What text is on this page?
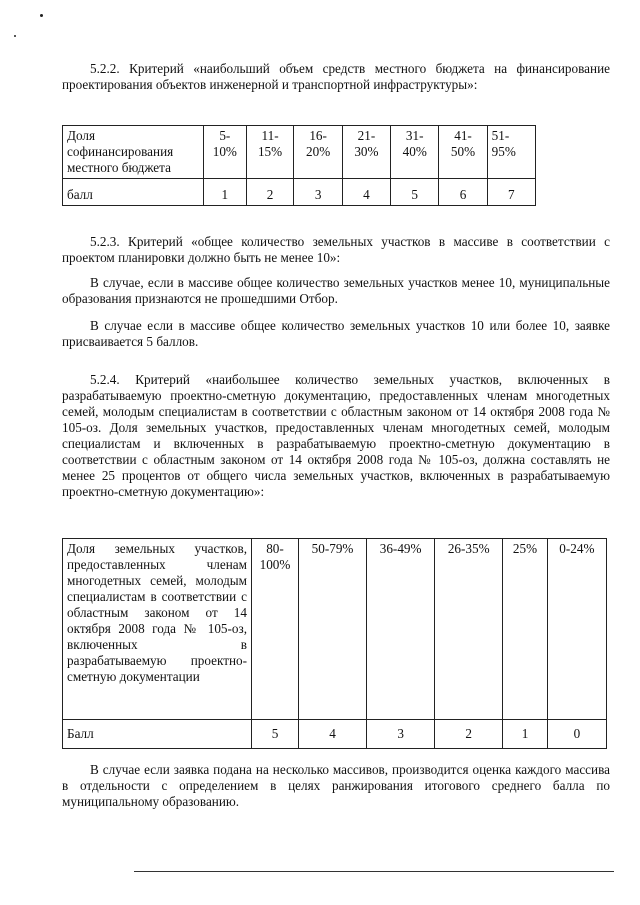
5.2.2. Критерий «наибольший объем средств местного бюджета на финансирование проектирования объектов инженерной и транспортной инфраструктуры»:

Доля софинансирования местного бюджета	5-10%	11-15%	16-20%	21-30%	31-40%	41-50%	51-95%
балл	1	2	3	4	5	6	7

5.2.3. Критерий «общее количество земельных участков в массиве в соответствии с проектом планировки должно быть не менее 10»:

В случае, если в массиве общее количество земельных участков менее 10, муниципальные образования признаются не прошедшими Отбор.

В случае если в массиве общее количество земельных участков 10 или более 10, заявке присваивается 5 баллов.

5.2.4. Критерий «наибольшее количество земельных участков, включенных в разрабатываемую проектно-сметную документацию, предоставленных членам многодетных семей, молодым специалистам в соответствии с областным законом от 14 октября 2008 года № 105-оз. Доля земельных участков, предоставленных членам многодетных семей, молодым специалистам и включенных в разрабатываемую проектно-сметную документацию в соответствии с областным законом от 14 октября 2008 года № 105-оз, должна составлять не менее 25 процентов от общего числа земельных участков, включенных в разрабатываемую проектно-сметную документацию»:

Доля земельных участков, предоставленных членам многодетных семей, молодым специалистам в соответствии с областным законом от 14 октября 2008 года № 105-оз, включенных в разрабатываемую проектно-сметную документации	80-100%	50-79%	36-49%	26-35%	25%	0-24%
Балл	5	4	3	2	1	0

В случае если заявка подана на несколько массивов, производится оценка каждого массива в отдельности с определением в целях ранжирования итогового среднего балла по муниципальному образованию.
